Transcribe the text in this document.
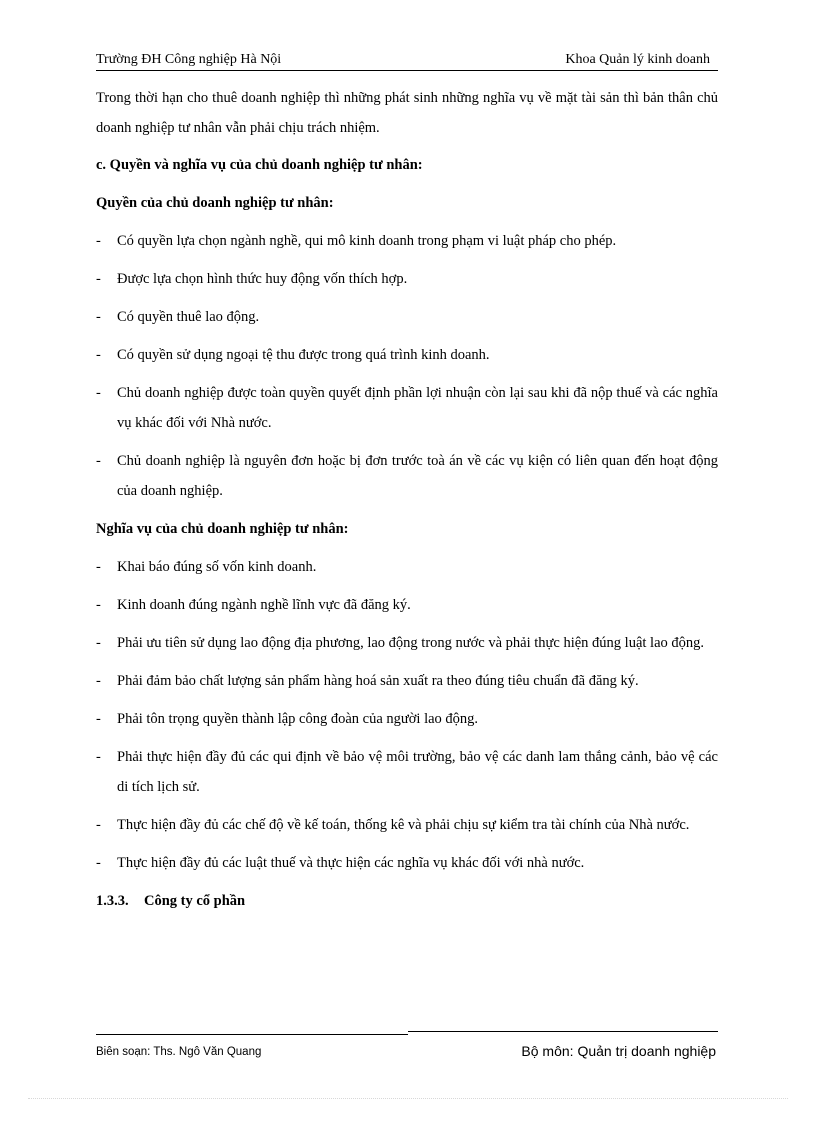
Trường ĐH Công nghiệp Hà Nội	Khoa Quản lý kinh doanh

Trong thời hạn cho thuê doanh nghiệp thì những phát sinh những nghĩa vụ về mặt tài sản thì bản thân chủ doanh nghiệp tư nhân vẫn phải chịu trách nhiệm.

c. Quyền và nghĩa vụ của chủ doanh nghiệp tư nhân:
Quyền của chủ doanh nghiệp tư nhân:
- Có quyền lựa chọn ngành nghề, qui mô kinh doanh trong phạm vi luật pháp cho phép.
- Được lựa chọn hình thức huy động vốn thích hợp.
- Có quyền thuê lao động.
- Có quyền sử dụng ngoại tệ thu được trong quá trình kinh doanh.
- Chủ doanh nghiệp được toàn quyền quyết định phần lợi nhuận còn lại sau khi đã nộp thuế và các nghĩa vụ khác đối với Nhà nước.
- Chủ doanh nghiệp là nguyên đơn hoặc bị đơn trước toà án về các vụ kiện có liên quan đến hoạt động của doanh nghiệp.
Nghĩa vụ của chủ doanh nghiệp tư nhân:
- Khai báo đúng số vốn kinh doanh.
- Kinh doanh đúng ngành nghề lĩnh vực đã đăng ký.
- Phải ưu tiên sử dụng lao động địa phương, lao động trong nước và phải thực hiện đúng luật lao động.
- Phải đảm bảo chất lượng sản phẩm hàng hoá sản xuất ra theo đúng tiêu chuẩn đã đăng ký.
- Phải tôn trọng quyền thành lập công đoàn của người lao động.
- Phải thực hiện đầy đủ các qui định về bảo vệ môi trường, bảo vệ các danh lam thắng cảnh, bảo vệ các di tích lịch sử.
- Thực hiện đầy đủ các chế độ về kế toán, thống kê và phải chịu sự kiểm tra tài chính của Nhà nước.
- Thực hiện đầy đủ các luật thuế và thực hiện các nghĩa vụ khác đối với nhà nước.
1.3.3. Công ty cổ phần
Biên soạn: Ths. Ngô Văn Quang	Bộ môn: Quản trị doanh nghiệp
